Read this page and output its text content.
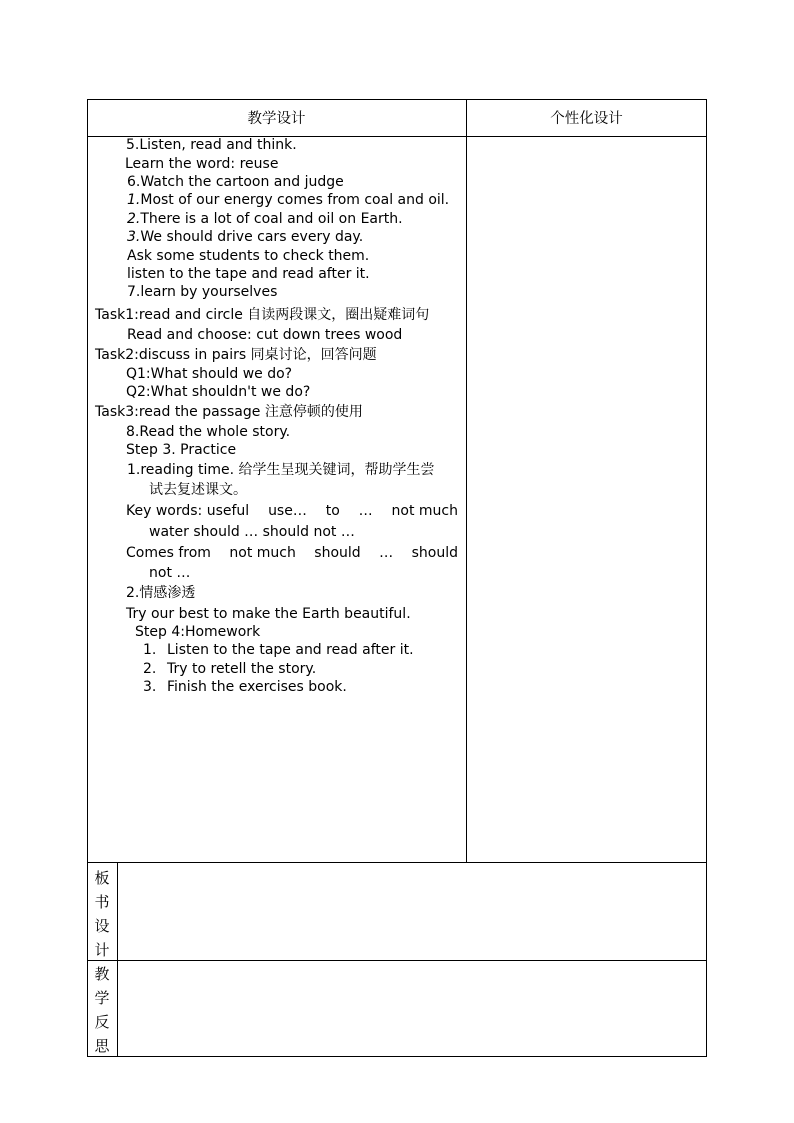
教学设计	个性化设计
5.Listen, read and think.
Learn the word: reuse
6.Watch the cartoon and judge
1.Most of our energy comes from coal and oil.
2.There is a lot of coal and oil on Earth.
3.We should drive cars every day.
Ask some students to check them.
listen to the tape and read after it.
7.learn by yourselves
Task1:read and circle 自读两段课文，圈出疑难词句
Read and choose: cut down trees wood
Task2:discuss in pairs 同桌讨论，回答问题
Q1:What should we do?
Q2:What shouldn't we do?
Task3:read the passage 注意停顿的使用
8.Read the whole story.
Step 3. Practice
1.reading time. 给学生呈现关键词，帮助学生尝
试去复述课文。
Key words: useful use… to … not much
water should … should not …
Comes from not much should … should
not …
2.情感渗透
Try our best to make the Earth beautiful.
Step 4:Homework
1. Listen to the tape and read after it.
2. Try to retell the story.
3. Finish the exercises book.
板
书
设
计
教
学
反
思
